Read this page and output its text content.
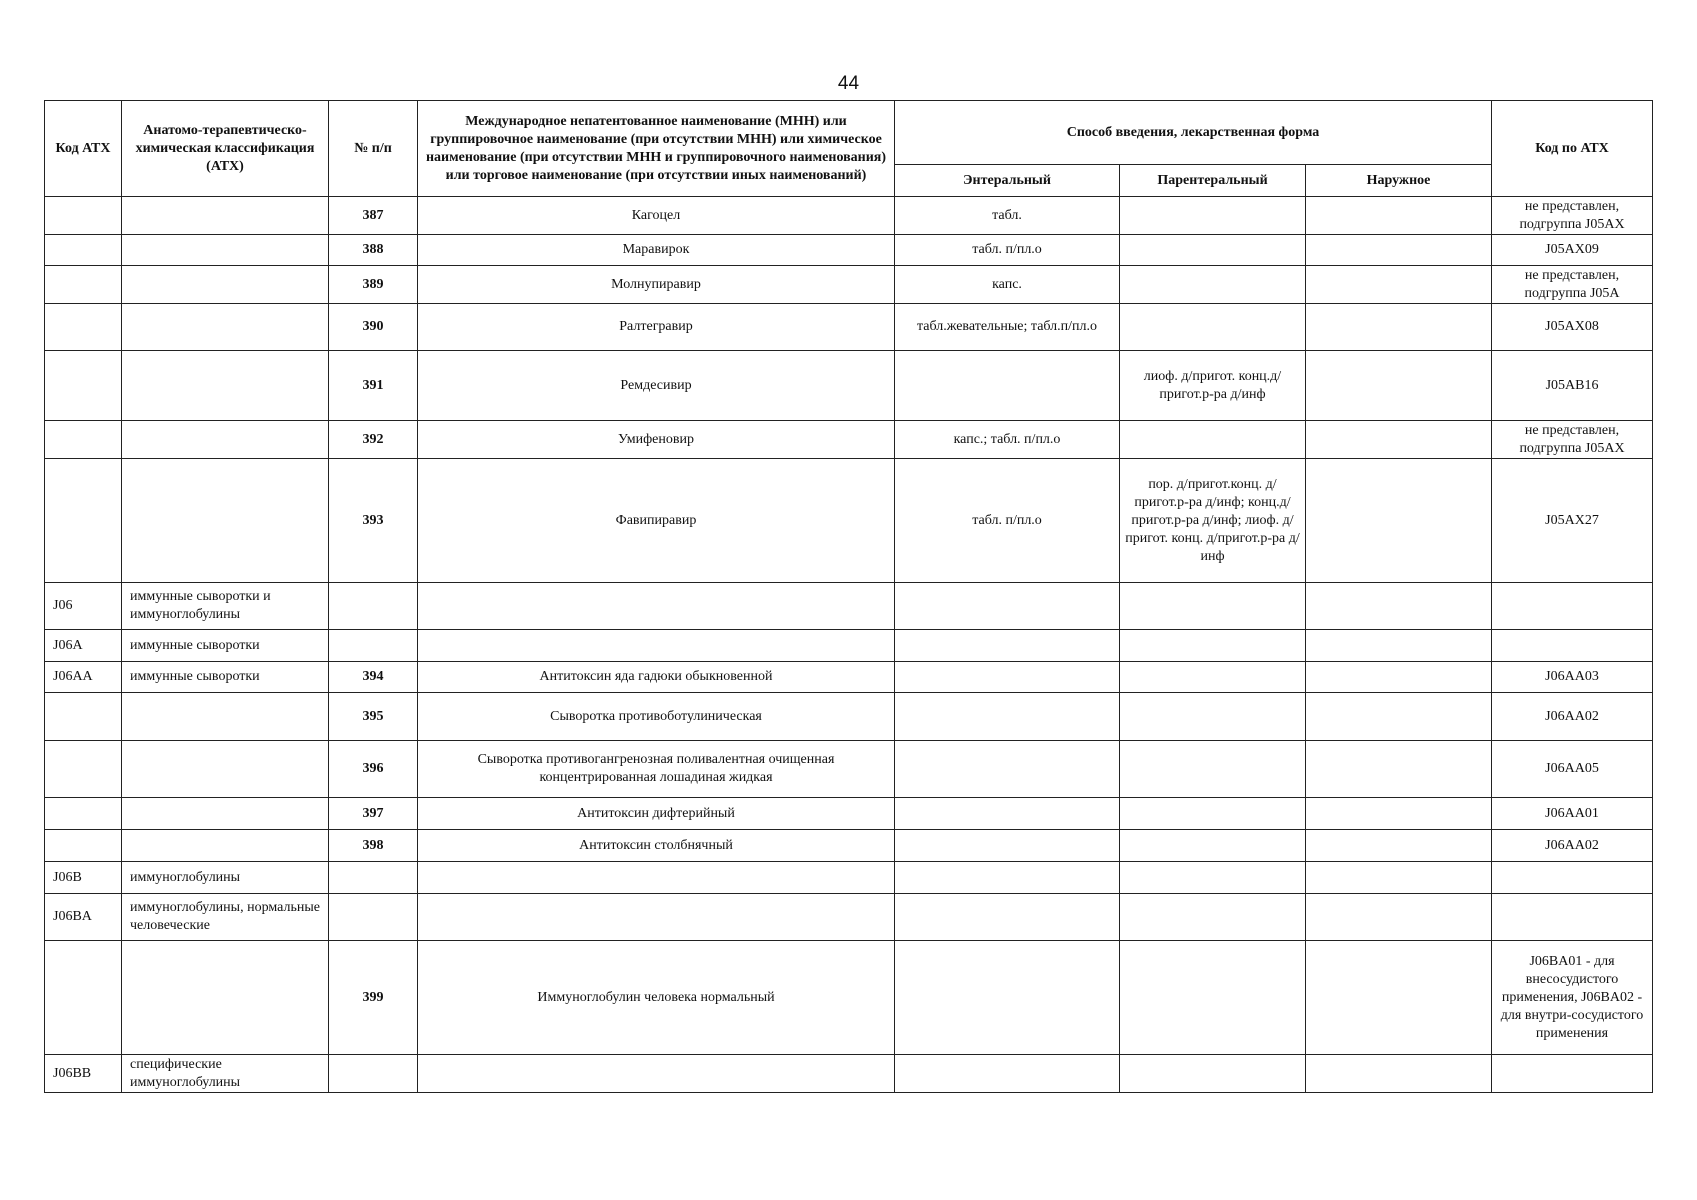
44
Код АТХ	Анатомо-терапевтическо-химическая классификация (АТХ)	№ п/п	Международное непатентованное наименование (МНН) или группировочное наименование (при отсутствии МНН) или химическое наименование (при отсутствии МНН и группировочного наименования) или торговое наименование (при отсутствии иных наименований)	Способ введения, лекарственная форма			Код по АТХ
				Энтеральный	Парентеральный	Наружное	
		387	Кагоцел	табл.			не представлен, подгруппа J05AX
		388	Маравирок	табл. п/пл.о			J05AX09
		389	Молнупиравир	капс.			не представлен, подгруппа J05A
		390	Ралтегравир	табл.жевательные; табл.п/пл.о			J05AX08
		391	Ремдесивир		лиоф. д/пригот. конц.д/пригот.р-ра д/инф		J05AB16
		392	Умифеновир	капс.; табл. п/пл.о			не представлен, подгруппа J05AX
		393	Фавипиравир	табл. п/пл.о	пор. д/пригот.конц. д/пригот.р-ра д/инф; конц.д/пригот.р-ра д/инф; лиоф. д/пригот. конц. д/пригот.р-ра д/инф		J05AX27
J06	иммунные сыворотки и иммуноглобулины						
J06A	иммунные сыворотки						
J06AA	иммунные сыворотки	394	Антитоксин яда гадюки обыкновенной				J06AA03
		395	Сыворотка противоботулиническая				J06AA02
		396	Сыворотка противогангренозная поливалентная очищенная концентрированная лошадиная жидкая				J06AA05
		397	Антитоксин дифтерийный				J06AA01
		398	Антитоксин столбнячный				J06AA02
J06B	иммуноглобулины						
J06BA	иммуноглобулины, нормальные человеческие						
		399	Иммуноглобулин человека нормальный				J06BA01 - для внесосудистого применения, J06BA02 - для внутри-сосудистого применения
J06BB	специфические иммуноглобулины						
